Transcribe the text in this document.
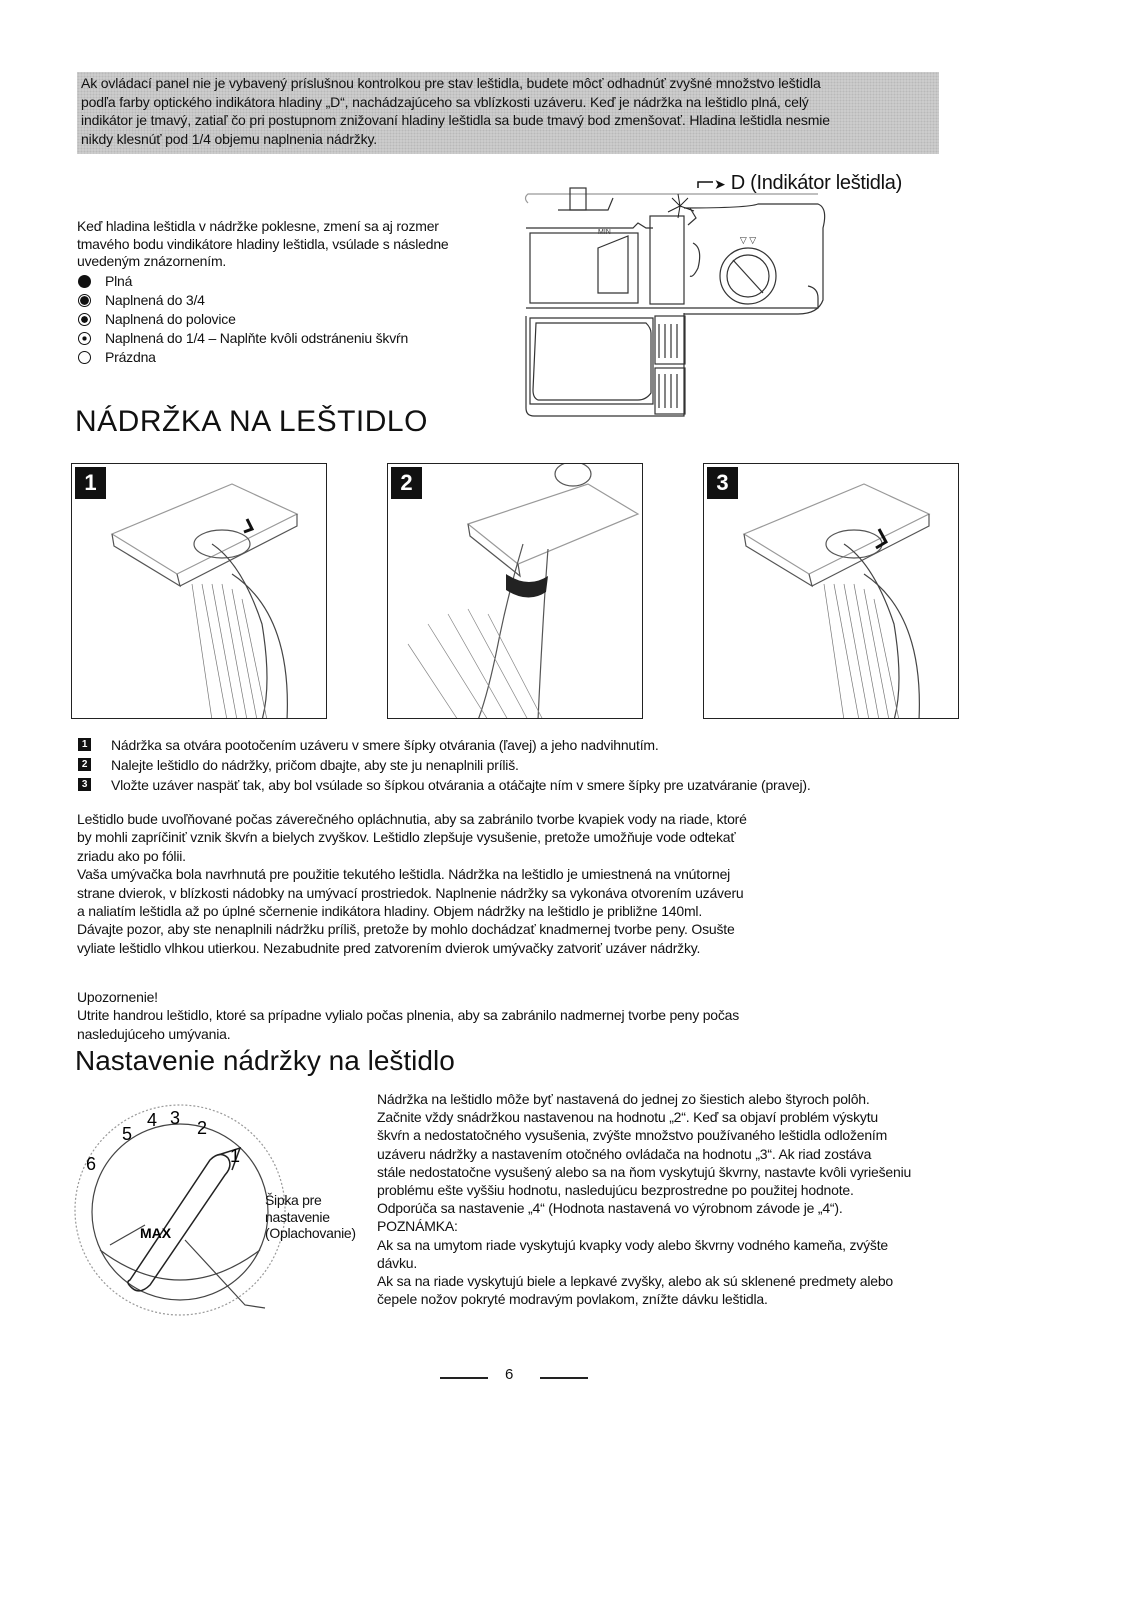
Ak ovládací panel nie je vybavený príslušnou kontrolkou pre stav leštidla, budete môcť odhadnúť zvyšné množstvo leštidla
podľa farby optického indikátora hladiny „D“, nachádzajúceho sa vblízkosti uzáveru. Keď je nádržka na leštidlo plná, celý
indikátor je tmavý, zatiaľ čo pri postupnom znižovaní hladiny leštidla sa bude tmavý bod zmenšovať. Hladina leštidla nesmie
nikdy klesnúť pod 1/4 objemu naplnenia nádržky.
Keď hladina leštidla v nádržke poklesne, zmení sa aj rozmer
tmavého bodu vindikátore hladiny leštidla, vsúlade s následne
uvedeným znázornením.
Plná
Naplnená do 3/4
Naplnená do polovice
Naplnená do 1/4 – Naplňte kvôli odstráneniu škvŕn
Prázdna
▽ ▽
MIN
➤ D (Indikátor leštidla)
NÁDRŽKA NA LEŠTIDLO
1	2	3
1 Nádržka sa otvára pootočením uzáveru v smere šípky otvárania (ľavej) a jeho nadvihnutím.
2 Nalejte leštidlo do nádržky, pričom dbajte, aby ste ju nenaplnili príliš.
3 Vložte uzáver naspäť tak, aby bol vsúlade so šípkou otvárania a otáčajte ním v smere šípky pre uzatváranie (pravej).
Leštidlo bude uvoľňované počas záverečného opláchnutia, aby sa zabránilo tvorbe kvapiek vody na riade, ktoré
by mohli zapríčiniť vznik škvŕn a bielych zvyškov. Leštidlo zlepšuje vysušenie, pretože umožňuje vode odtekať
zriadu ako po fólii.
Vaša umývačka bola navrhnutá pre použitie tekutého leštidla. Nádržka na leštidlo je umiestnená na vnútornej
strane dvierok, v blízkosti nádobky na umývací prostriedok. Naplnenie nádržky sa vykonáva otvorením uzáveru
a naliatím leštidla až po úplné sčernenie indikátora hladiny. Objem nádržky na leštidlo je približne 140ml.
Dávajte pozor, aby ste nenaplnili nádržku príliš, pretože by mohlo dochádzať knadmernej tvorbe peny. Osušte
vyliate leštidlo vlhkou utierkou. Nezabudnite pred zatvorením dvierok umývačky zatvoriť uzáver nádržky.
Upozornenie!
Utrite handrou leštidlo, ktoré sa prípadne vylialo počas plnenia, aby sa zabránilo nadmernej tvorbe peny počas
nasledujúceho umývania.
Nastavenie nádržky na leštidlo
5
4 3 2
1
6
MAX
Šipka pre
nastavenie
(Oplachovanie)
Nádržka na leštidlo môže byť nastavená do jednej zo šiestich alebo štyroch polôh.
Začnite vždy snádržkou nastavenou na hodnotu „2“. Keď sa objaví problém výskytu
škvŕn a nedostatočného vysušenia, zvýšte množstvo používaného leštidla odložením
uzáveru nádržky a nastavením otočného ovládača na hodnotu „3“. Ak riad zostáva
stále nedostatočne vysušený alebo sa na ňom vyskytujú škvrny, nastavte kvôli vyriešeniu
problému ešte vyššiu hodnotu, nasledujúcu bezprostredne po použitej hodnote.
Odporúča sa nastavenie „4“ (Hodnota nastavená vo výrobnom závode je „4“).
POZNÁMKA:
Ak sa na umytom riade vyskytujú kvapky vody alebo škvrny vodného kameňa, zvýšte
dávku.
Ak sa na riade vyskytujú biele a lepkavé zvyšky, alebo ak sú sklenené predmety alebo
čepele nožov pokryté modravým povlakom, znížte dávku leštidla.
6
